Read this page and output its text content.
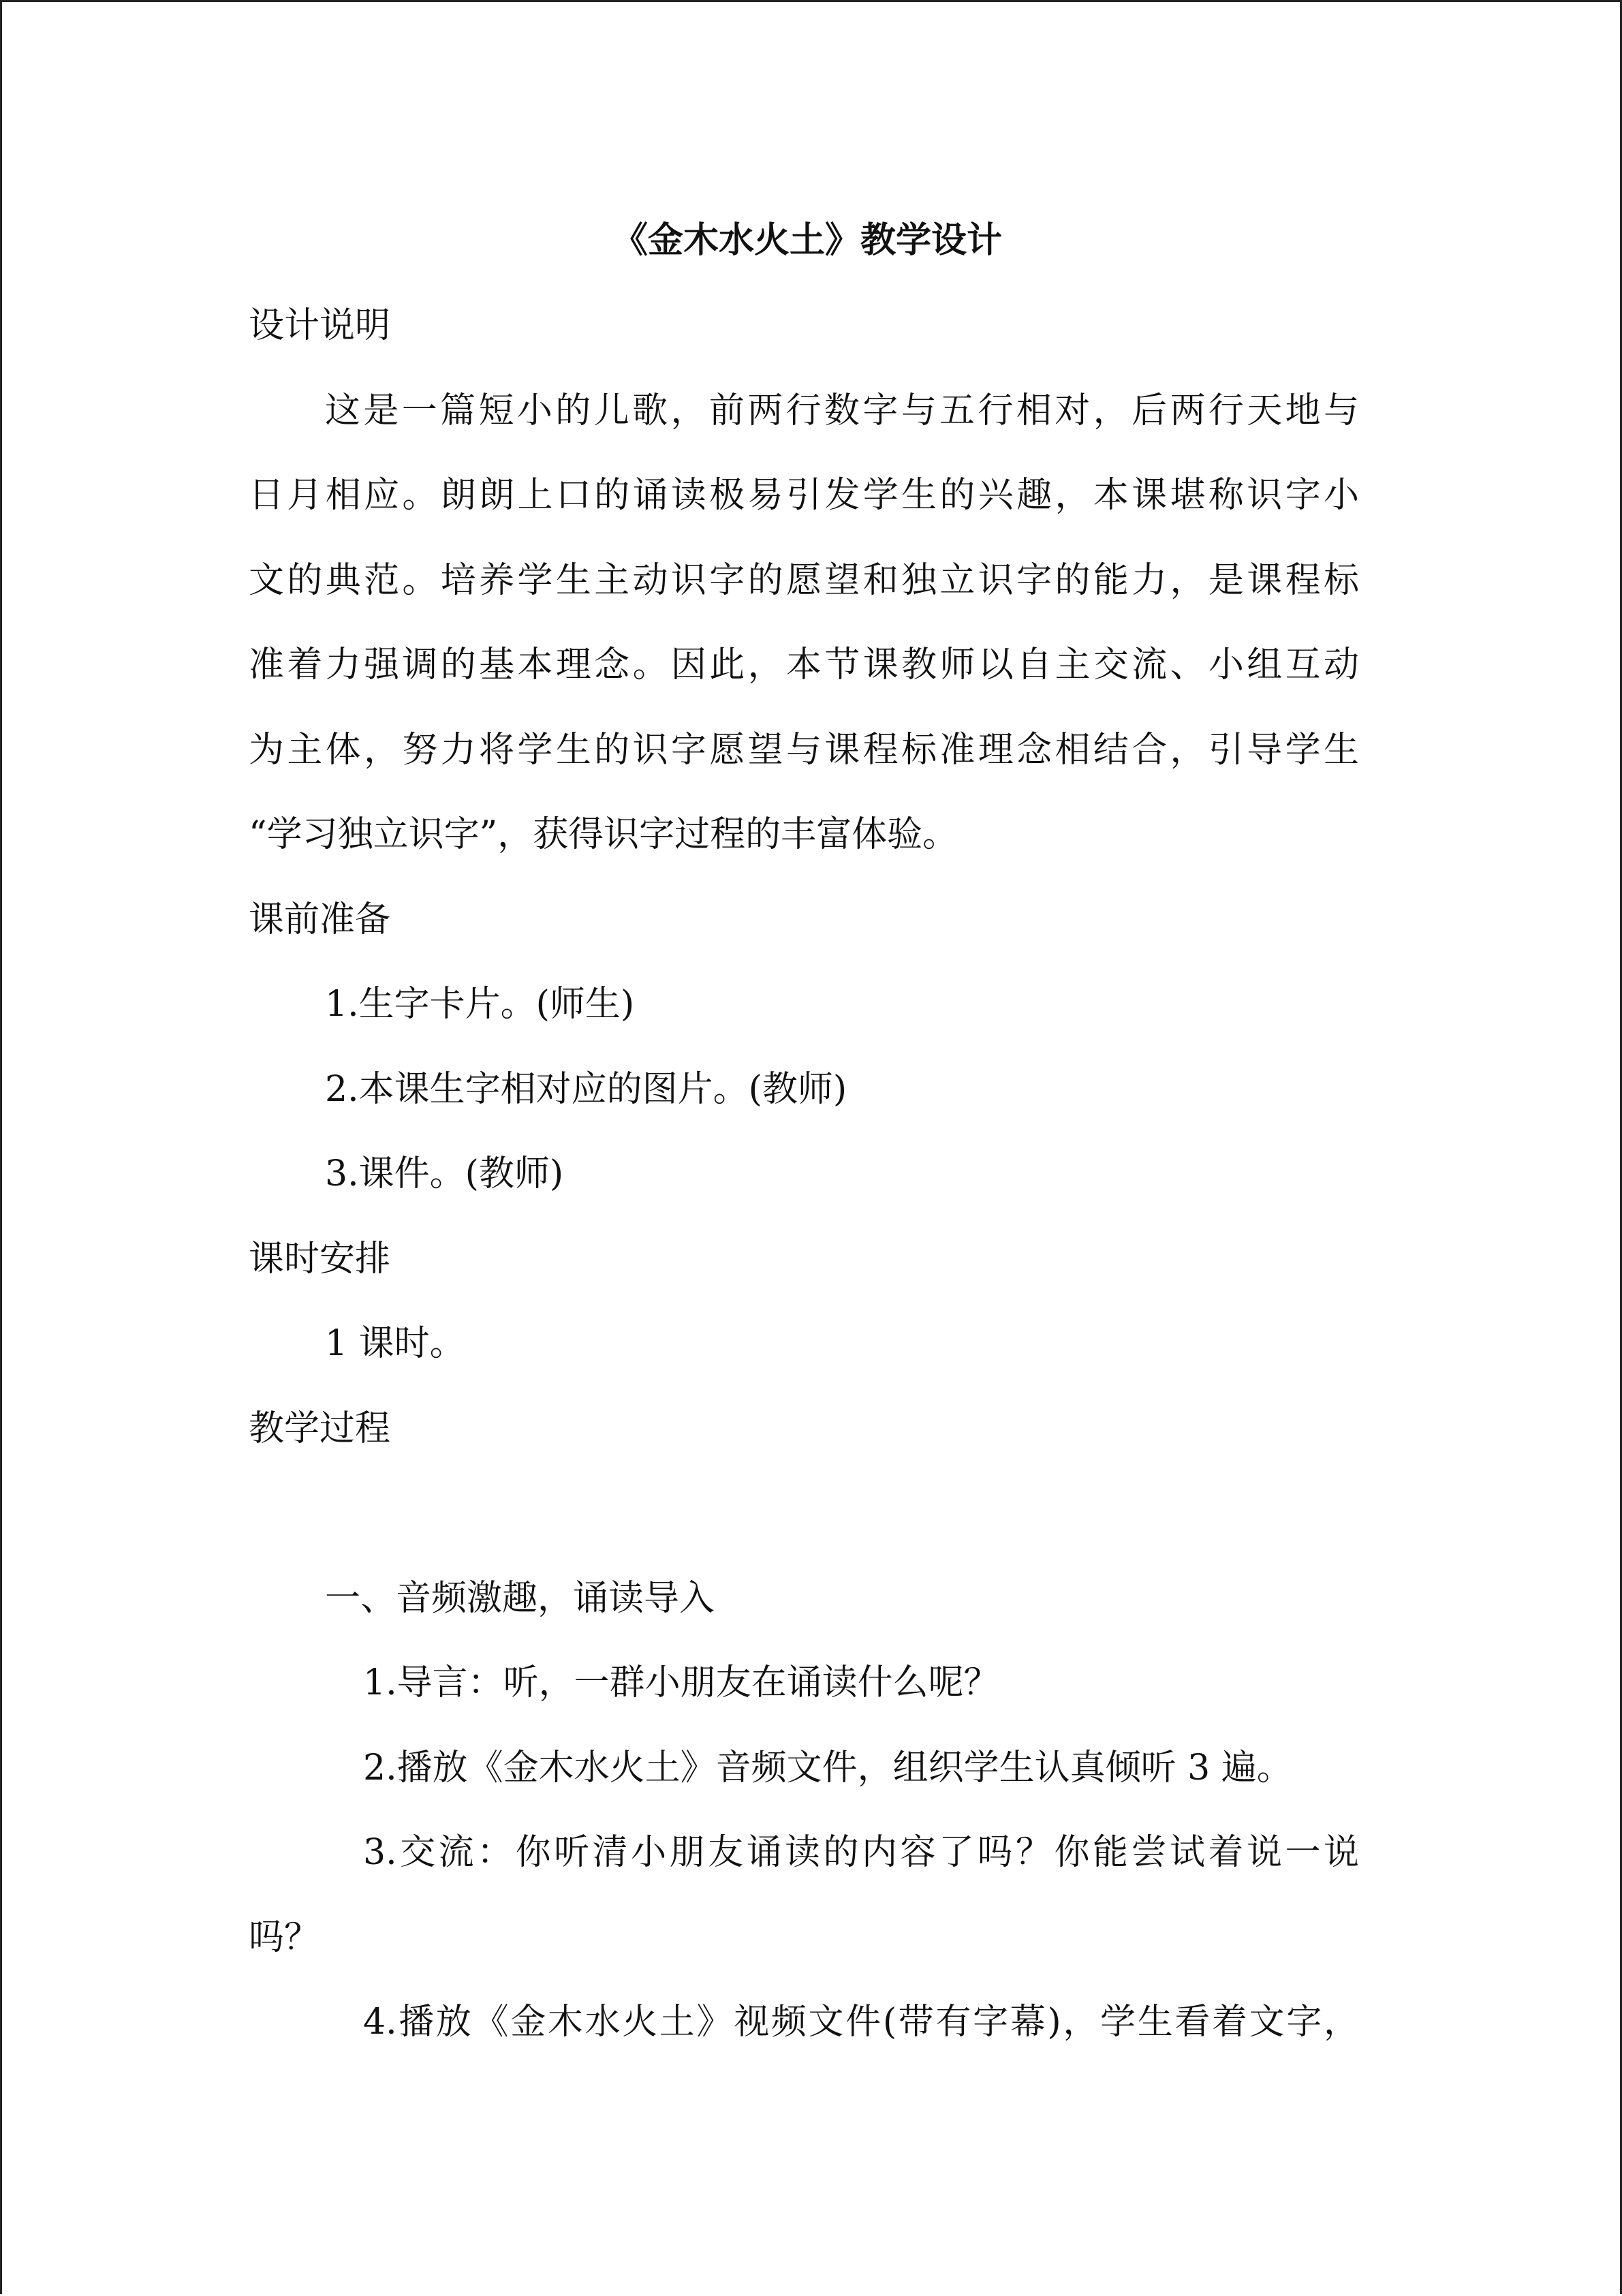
《金木水火土》教学设计
设计说明
这是一篇短小的儿歌，前两行数字与五行相对，后两行天地与
日月相应。朗朗上口的诵读极易引发学生的兴趣，本课堪称识字小
文的典范。培养学生主动识字的愿望和独立识字的能力，是课程标
准着力强调的基本理念。因此，本节课教师以自主交流、小组互动
为主体，努力将学生的识字愿望与课程标准理念相结合，引导学生
“学习独立识字”，获得识字过程的丰富体验。
课前准备
1.生字卡片。(师生)
2.本课生字相对应的图片。(教师)
3.课件。(教师)
课时安排
1 课时。
教学过程
一、音频激趣，诵读导入
1.导言：听，一群小朋友在诵读什么呢？
2.播放《金木水火土》音频文件，组织学生认真倾听 3 遍。
3.交流：你听清小朋友诵读的内容了吗？你能尝试着说一说
吗？
4.播放《金木水火土》视频文件(带有字幕)，学生看着文字，
